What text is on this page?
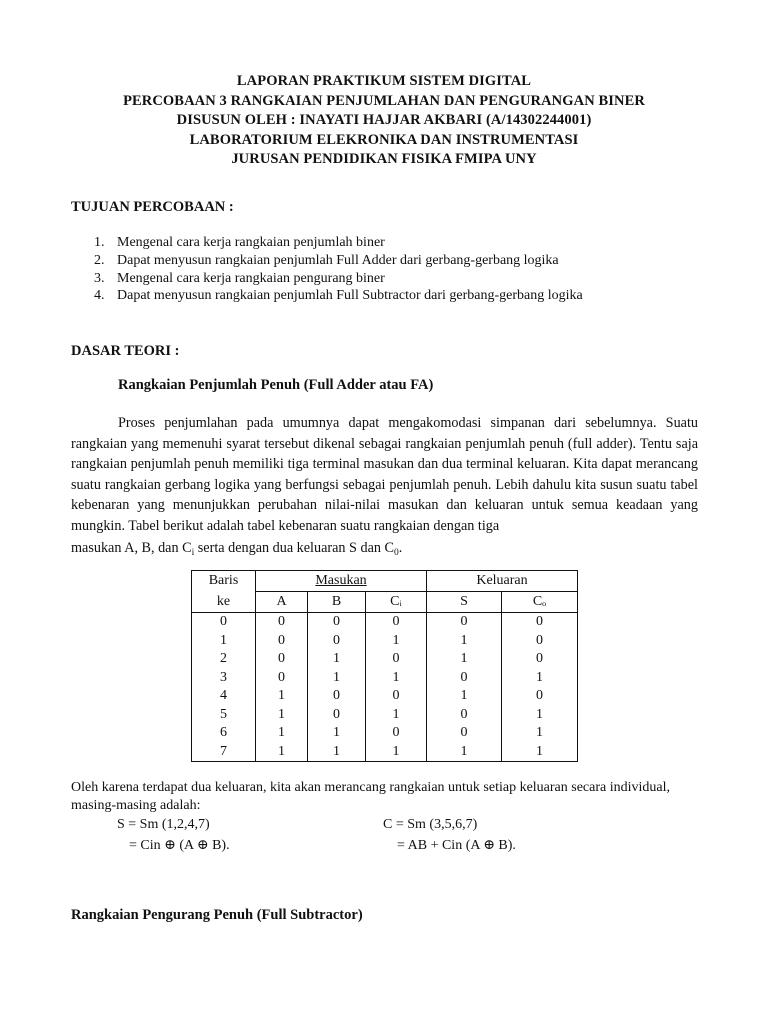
LAPORAN PRAKTIKUM SISTEM DIGITAL
PERCOBAAN 3 RANGKAIAN PENJUMLAHAN DAN PENGURANGAN BINER
DISUSUN OLEH : INAYATI HAJJAR AKBARI (A/14302244001)
LABORATORIUM ELEKRONIKA DAN INSTRUMENTASI
JURUSAN PENDIDIKAN FISIKA FMIPA UNY
TUJUAN PERCOBAAN :
1. Mengenal cara kerja rangkaian penjumlah biner
2. Dapat menyusun rangkaian penjumlah Full Adder dari gerbang-gerbang logika
3. Mengenal cara kerja rangkaian pengurang biner
4. Dapat menyusun rangkaian penjumlah Full Subtractor dari gerbang-gerbang logika
DASAR TEORI :
Rangkaian Penjumlah Penuh (Full Adder atau FA)
Proses penjumlahan pada umumnya dapat mengakomodasi simpanan dari sebelumnya. Suatu rangkaian yang memenuhi syarat tersebut dikenal sebagai rangkaian penjumlah penuh (full adder). Tentu saja rangkaian penjumlah penuh memiliki tiga terminal masukan dan dua terminal keluaran. Kita dapat merancang suatu rangkaian gerbang logika yang berfungsi sebagai penjumlah penuh. Lebih dahulu kita susun suatu tabel kebenaran yang menunjukkan perubahan nilai-nilai masukan dan keluaran untuk semua keadaan yang mungkin. Tabel berikut adalah tabel kebenaran suatu rangkaian dengan tiga
masukan A, B, dan $C_i$ serta dengan dua keluaran S dan $C_0$.
Baris	Masukan			Keluaran	
ke	A	B	Cᵢ	S	Cₒ
0	0	0	0	0	0
1	0	0	1	1	0
2	0	1	0	1	0
3	0	1	1	0	1
4	1	0	0	1	0
5	1	0	1	0	1
6	1	1	0	0	1
7	1	1	1	1	1
Oleh karena terdapat dua keluaran, kita akan merancang rangkaian untuk setiap keluaran secara individual, masing-masing adalah:
S = Sm (1,2,4,7)
= Cin ⊕ (A ⊕ B).
C = Sm (3,5,6,7)
= AB + Cin (A ⊕ B).
Rangkaian Pengurang Penuh (Full Subtractor)
